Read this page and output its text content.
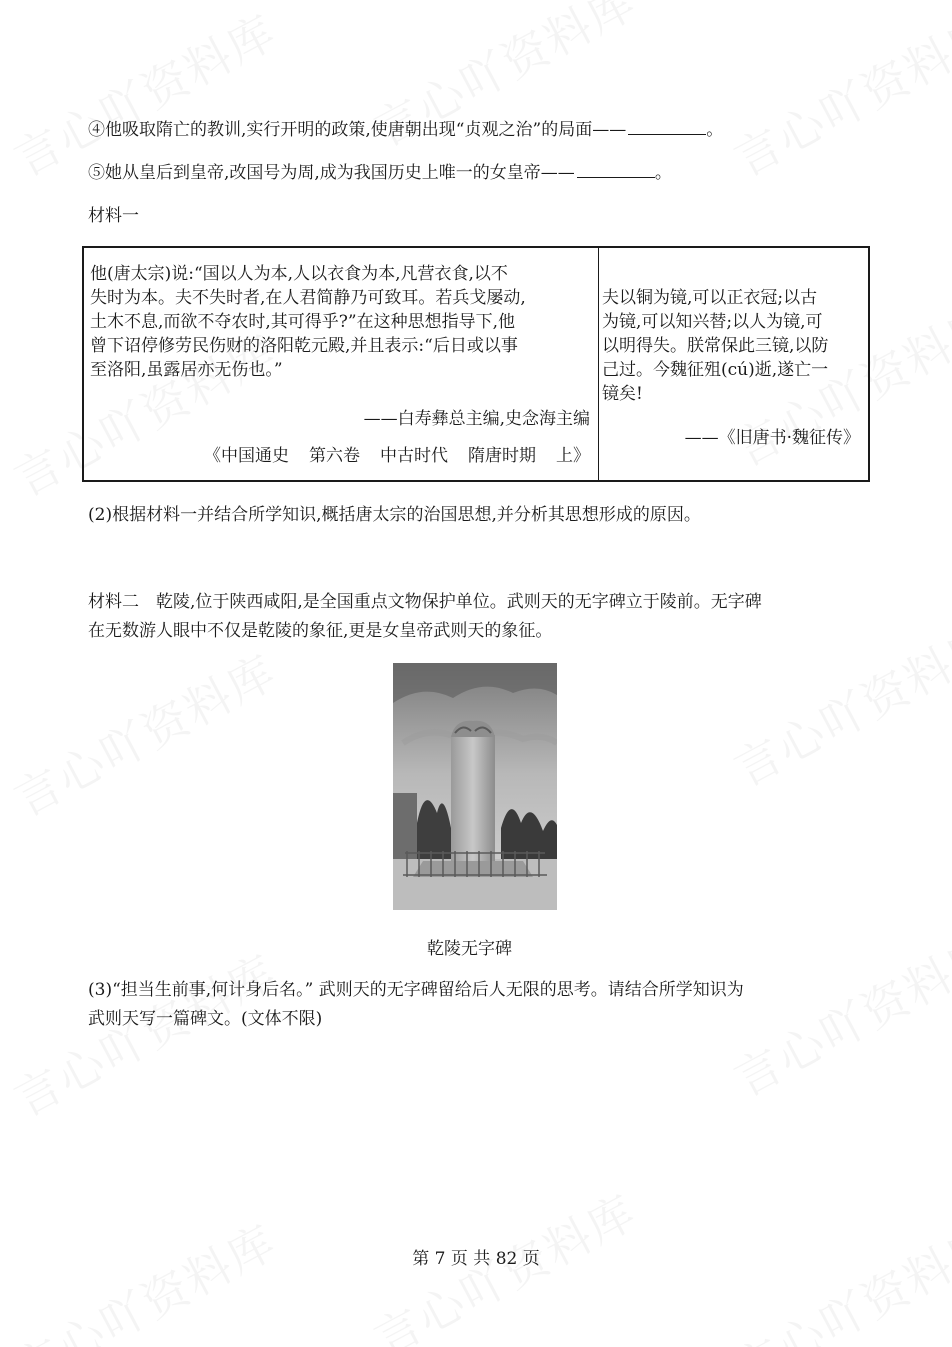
④他吸取隋亡的教训,实行开明的政策,使唐朝出现“贞观之治”的局面——	。
⑤她从皇后到皇帝,改国号为周,成为我国历史上唯一的女皇帝——	。
材料一
他(唐太宗)说:“国以人为本,人以衣食为本,凡营衣食,以不
失时为本。夫不失时者,在人君简静乃可致耳。若兵戈屡动,
土木不息,而欲不夺农时,其可得乎?”在这种思想指导下,他
曾下诏停修劳民伤财的洛阳乾元殿,并且表示:“后日或以事
至洛阳,虽露居亦无伤也。”
——白寿彝总主编,史念海主编
《中国通史 第六卷 中古时代 隋唐时期 上》
夫以铜为镜,可以正衣冠;以古
为镜,可以知兴替;以人为镜,可
以明得失。朕常保此三镜,以防
己过。今魏征殂(cú)逝,遂亡一
镜矣!
——《旧唐书·魏征传》
(2)根据材料一并结合所学知识,概括唐太宗的治国思想,并分析其思想形成的原因。
材料二　乾陵,位于陕西咸阳,是全国重点文物保护单位。武则天的无字碑立于陵前。无字碑
在无数游人眼中不仅是乾陵的象征,更是女皇帝武则天的象征。
乾陵无字碑
(3)“担当生前事,何计身后名。” 武则天的无字碑留给后人无限的思考。请结合所学知识为
武则天写一篇碑文。(文体不限)
第 7 页 共 82 页
